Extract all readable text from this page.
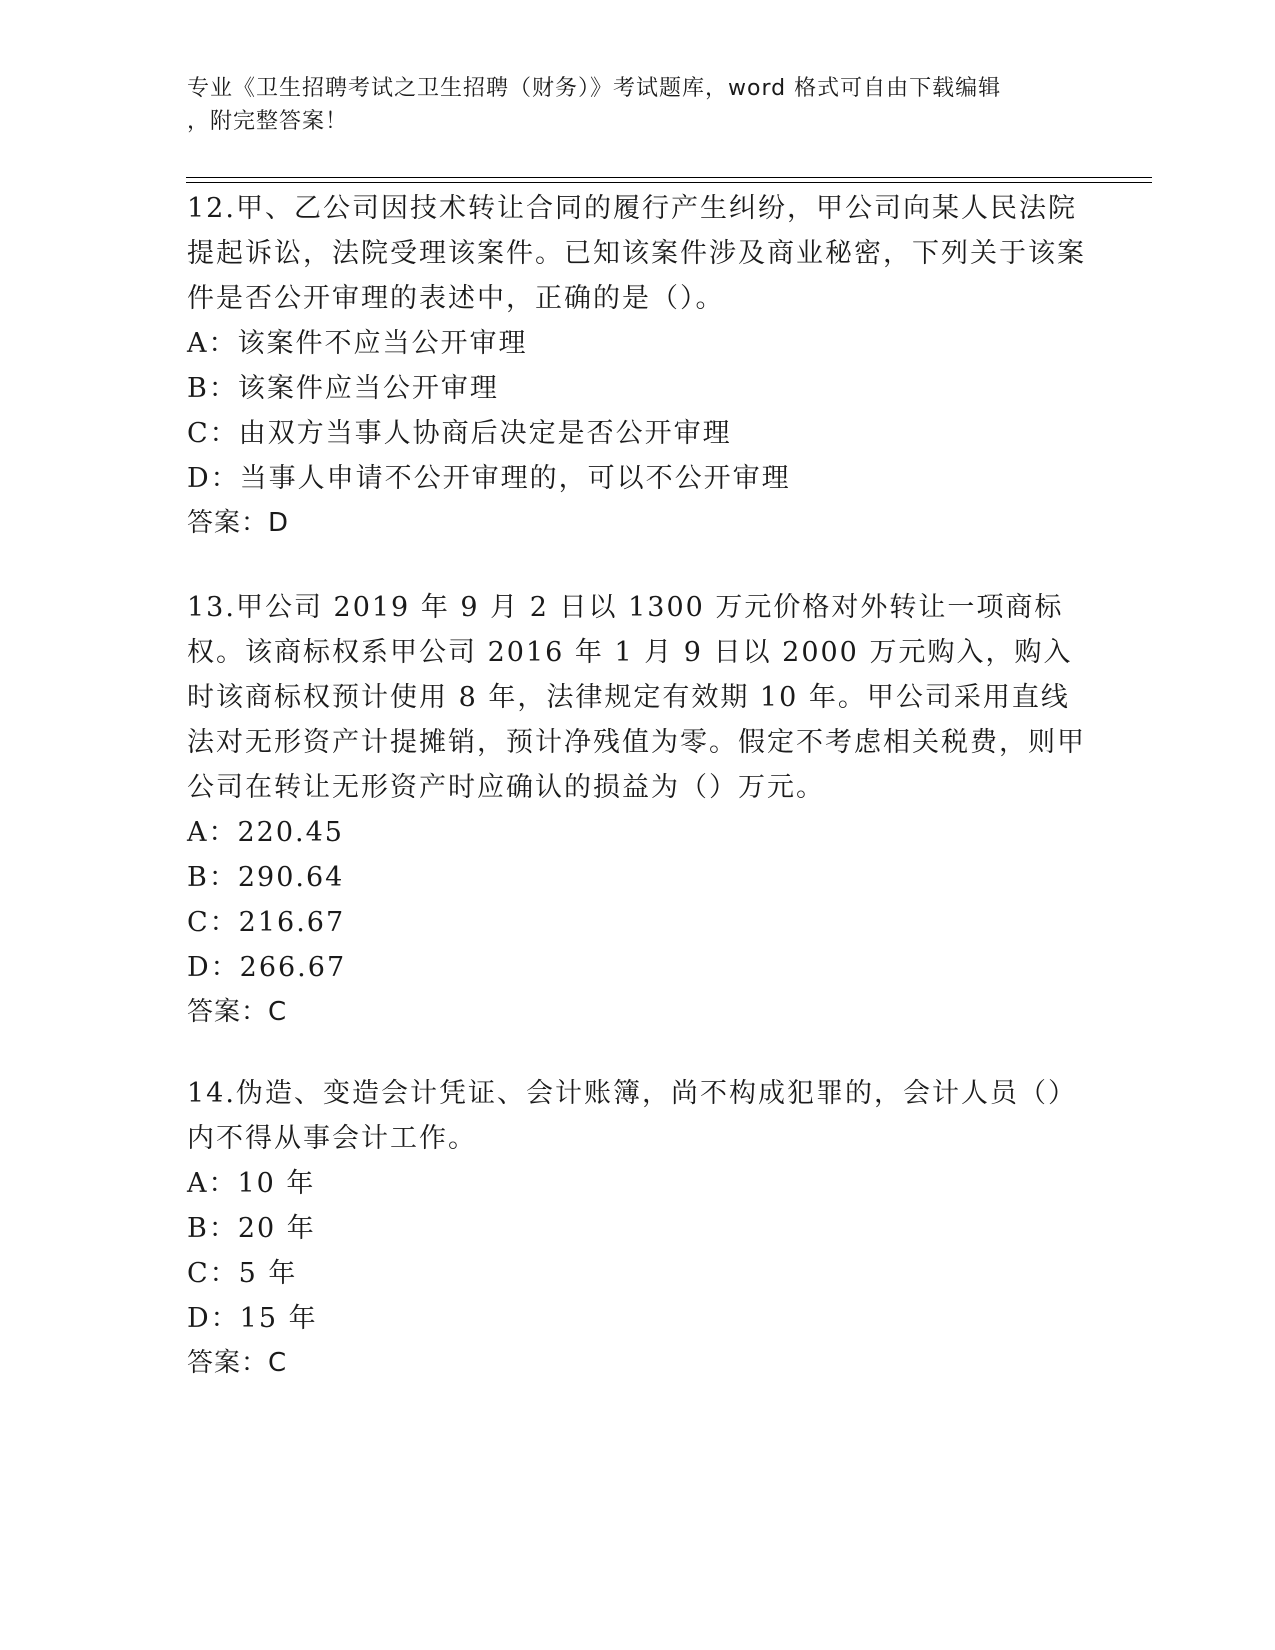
专业《卫生招聘考试之卫生招聘（财务）》考试题库，word 格式可自由下载编辑
，附完整答案！
12.甲、乙公司因技术转让合同的履行产生纠纷，甲公司向某人民法院提起诉讼，法院受理该案件。已知该案件涉及商业秘密，下列关于该案件是否公开审理的表述中，正确的是（）。
A：该案件不应当公开审理
B：该案件应当公开审理
C：由双方当事人协商后决定是否公开审理
D：当事人申请不公开审理的，可以不公开审理
答案：D
13.甲公司 2019 年 9 月 2 日以 1300 万元价格对外转让一项商标权。该商标权系甲公司 2016 年 1 月 9 日以 2000 万元购入，购入时该商标权预计使用 8 年，法律规定有效期 10 年。甲公司采用直线法对无形资产计提摊销，预计净残值为零。假定不考虑相关税费，则甲公司在转让无形资产时应确认的损益为（）万元。
A：220.45
B：290.64
C：216.67
D：266.67
答案：C
14.伪造、变造会计凭证、会计账簿，尚不构成犯罪的，会计人员（）内不得从事会计工作。
A：10 年
B：20 年
C：5 年
D：15 年
答案：C
